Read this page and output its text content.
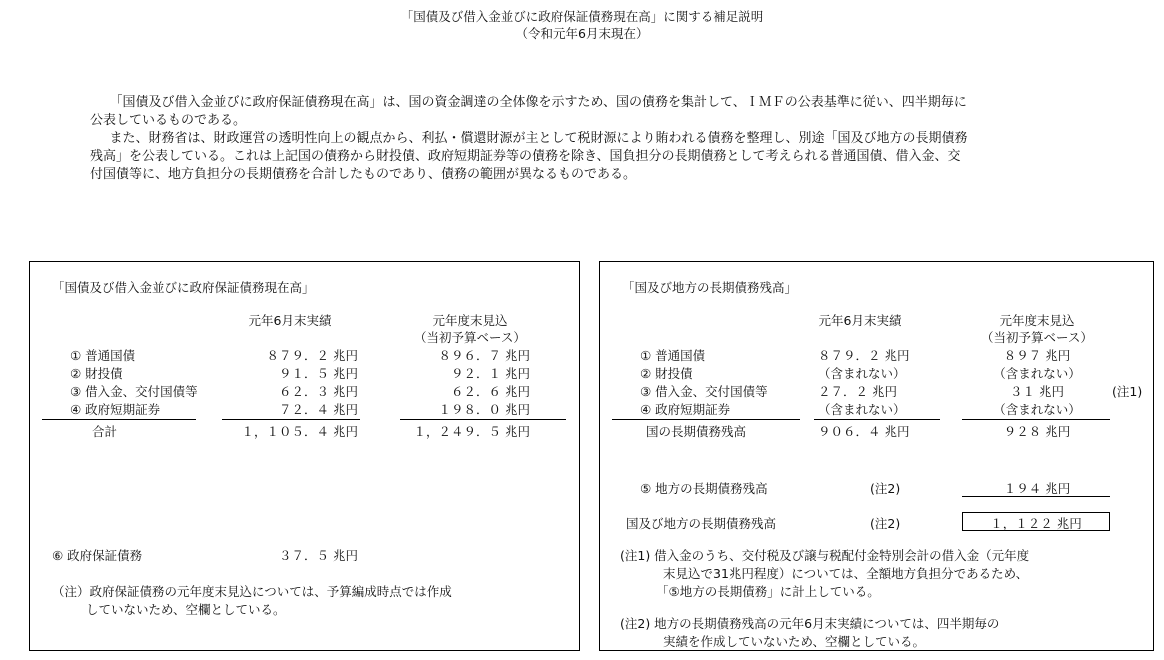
「国債及び借入金並びに政府保証債務現在高」に関する補足説明
（令和元年6月末現在）

「国債及び借入金並びに政府保証債務現在高」は、国の資金調達の全体像を示すため、国の債務を集計して、ＩＭＦの公表基準に従い、四半期毎に公表しているものである。

また、財務省は、財政運営の透明性向上の観点から、利払・償還財源が主として税財源により賄われる債務を整理し、別途「国及び地方の長期債務残高」を公表している。これは上記国の債務から財投債、政府短期証券等の債務を除き、国負担分の長期債務として考えられる普通国債、借入金、交付国債等に、地方負担分の長期債務を合計したものであり、債務の範囲が異なるものである。

「国債及び借入金並びに政府保証債務現在高」
元年6月末実績	元年度末見込
（当初予算ベース）
① 普通国債	８７９．２ 兆円	８９６．７ 兆円
② 財投債	９１．５ 兆円	９２．１ 兆円
③ 借入金、交付国債等	６２．３ 兆円	６２．６ 兆円
④ 政府短期証券	７２．４ 兆円	１９８．０ 兆円
合計	１，１０５．４ 兆円	１，２４９．５ 兆円
⑥ 政府保証債務	３７．５ 兆円
（注）政府保証債務の元年度末見込については、予算編成時点では作成
していないため、空欄としている。
「国及び地方の長期債務残高」
元年6月末実績	元年度末見込
（当初予算ベース）
① 普通国債	８７９．２ 兆円	８９７ 兆円
② 財投債	（含まれない）	（含まれない）
③ 借入金、交付国債等	２７．２ 兆円	３１ 兆円	(注1)
④ 政府短期証券	（含まれない）	（含まれない）
国の長期債務残高	９０６．４ 兆円	９２８ 兆円
⑤ 地方の長期債務残高	(注2)	１９４ 兆円
国及び地方の長期債務残高	(注2)	１，１２２ 兆円
(注1) 借入金のうち、交付税及び譲与税配付金特別会計の借入金（元年度
末見込で31兆円程度）については、全額地方負担分であるため、
「⑤地方の長期債務」に計上している。
(注2) 地方の長期債務残高の元年6月末実績については、四半期毎の
実績を作成していないため、空欄としている。
